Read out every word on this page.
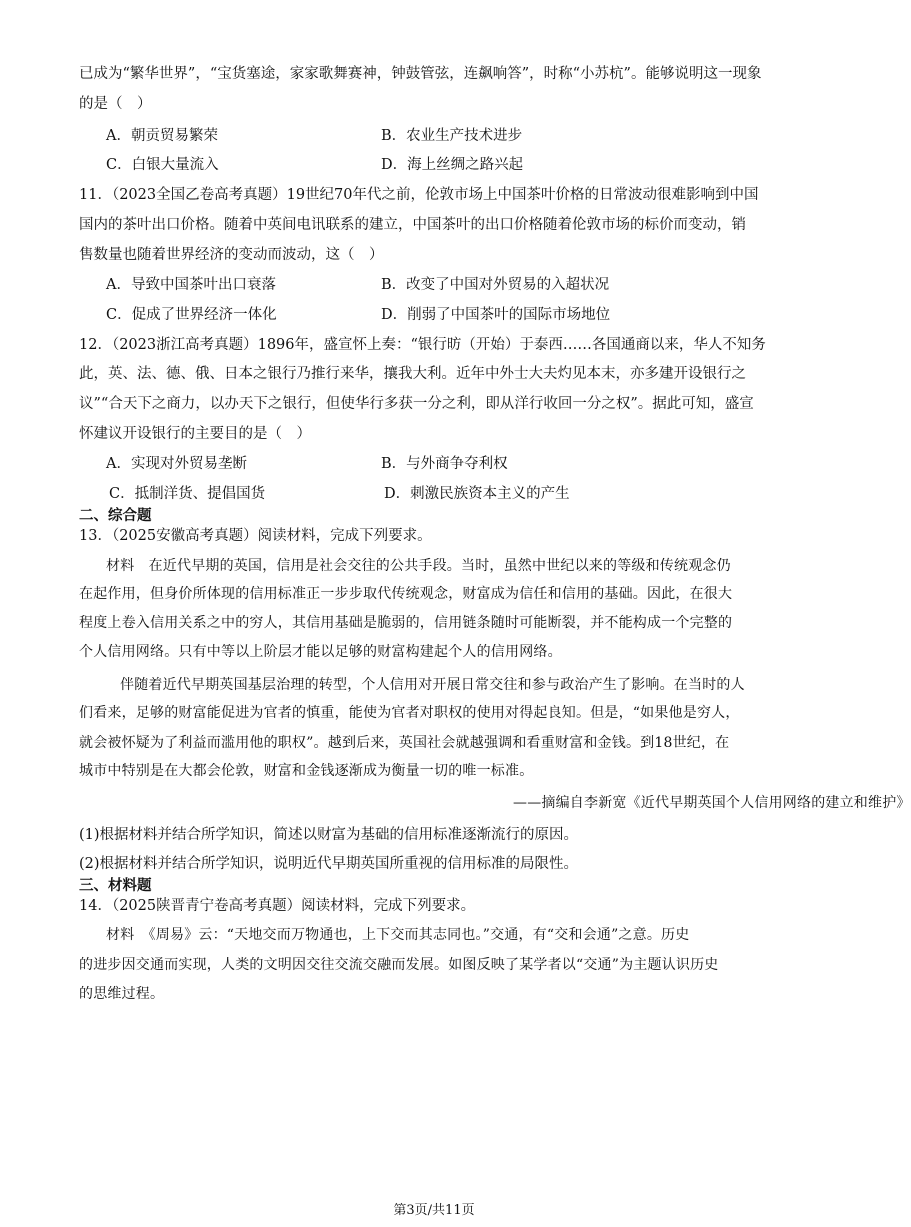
已成为“繁华世界”，“宝货塞途，家家歌舞赛神，钟鼓管弦，连飙响答”，时称“小苏杭”。能够说明这一现象
的是（　）
A．朝贡贸易繁荣	B．农业生产技术进步
C．白银大量流入	D．海上丝绸之路兴起
11．（2023全国乙卷高考真题）19世纪70年代之前，伦敦市场上中国茶叶价格的日常波动很难影响到中国
国内的茶叶出口价格。随着中英间电讯联系的建立，中国茶叶的出口价格随着伦敦市场的标价而变动，销
售数量也随着世界经济的变动而波动，这（　）
A．导致中国茶叶出口衰落	B．改变了中国对外贸易的入超状况
C．促成了世界经济一体化	D．削弱了中国茶叶的国际市场地位
12．（2023浙江高考真题）1896年，盛宣怀上奏：“银行昉（开始）于泰西……各国通商以来，华人不知务
此，英、法、德、俄、日本之银行乃推行来华，攘我大利。近年中外士大夫灼见本末，亦多建开设银行之
议”“合天下之商力，以办天下之银行，但使华行多获一分之利，即从洋行收回一分之权”。据此可知，盛宣
怀建议开设银行的主要目的是（　）
A．实现对外贸易垄断	B．与外商争夺利权
C．抵制洋货、提倡国货	D．刺激民族资本主义的产生
二、综合题
13．（2025安徽高考真题）阅读材料，完成下列要求。
材料　在近代早期的英国，信用是社会交往的公共手段。当时，虽然中世纪以来的等级和传统观念仍
在起作用，但身价所体现的信用标准正一步步取代传统观念，财富成为信任和信用的基础。因此，在很大
程度上卷入信用关系之中的穷人，其信用基础是脆弱的，信用链条随时可能断裂，并不能构成一个完整的
个人信用网络。只有中等以上阶层才能以足够的财富构建起个人的信用网络。
伴随着近代早期英国基层治理的转型，个人信用对开展日常交往和参与政治产生了影响。在当时的人
们看来，足够的财富能促进为官者的慎重，能使为官者对职权的使用对得起良知。但是，“如果他是穷人，
就会被怀疑为了利益而滥用他的职权”。越到后来，英国社会就越强调和看重财富和金钱。到18世纪，在
城市中特别是在大都会伦敦，财富和金钱逐渐成为衡量一切的唯一标准。
——摘编自李新宽《近代早期英国个人信用网络的建立和维护》
(1)根据材料并结合所学知识，简述以财富为基础的信用标准逐渐流行的原因。
(2)根据材料并结合所学知识，说明近代早期英国所重视的信用标准的局限性。
三、材料题
14．（2025陕晋青宁卷高考真题）阅读材料，完成下列要求。
材料　《周易》云：“天地交而万物通也，上下交而其志同也。”交通，有“交和会通”之意。历史
的进步因交通而实现，人类的文明因交往交流交融而发展。如图反映了某学者以“交通”为主题认识历史
的思维过程。
第3页/共11页
